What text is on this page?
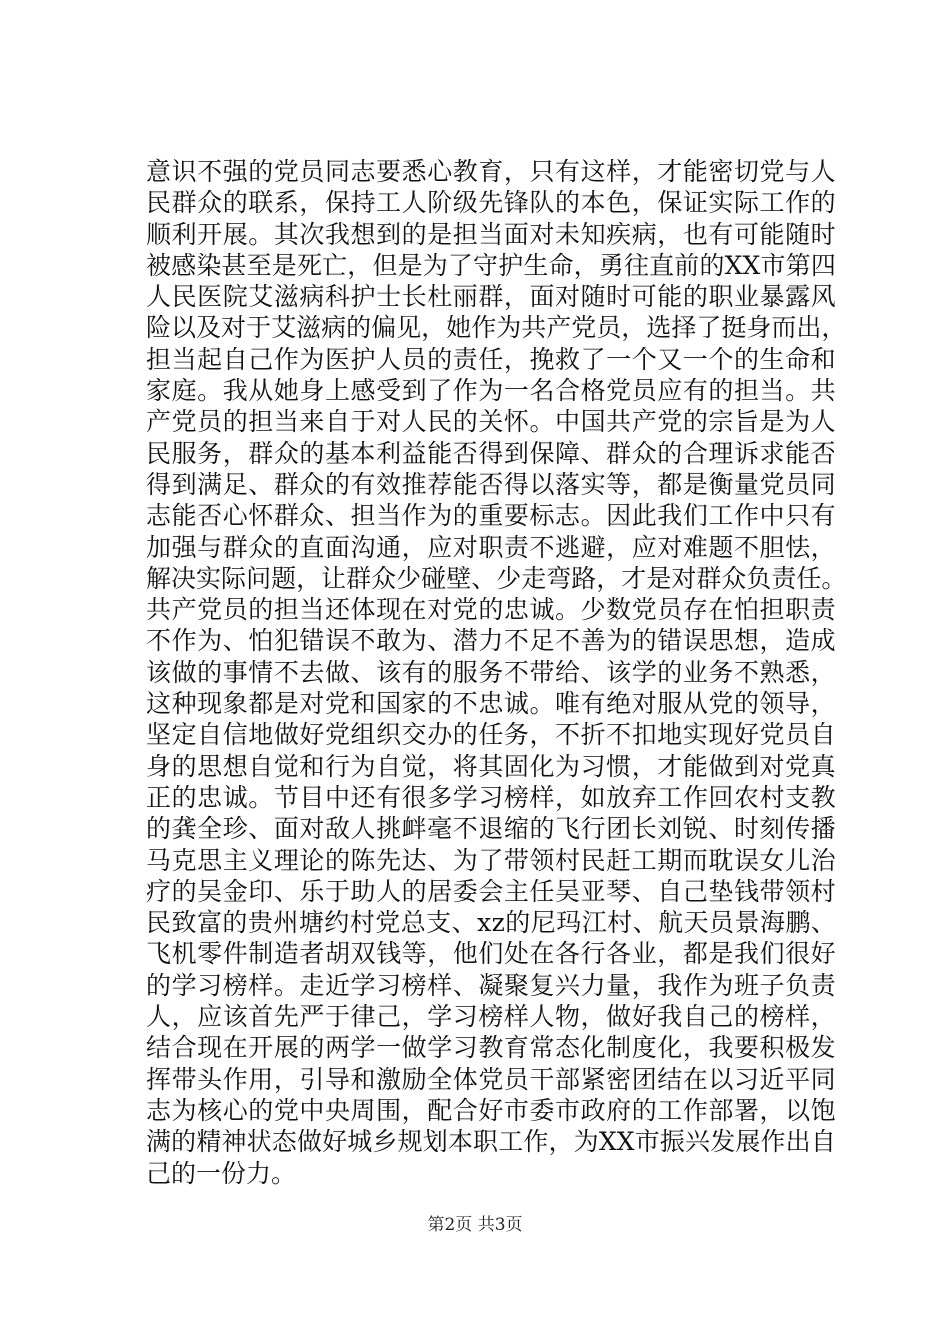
意 识 不 强 的 党 员 同 志 要 悉 心 教 育 ， 只 有 这 样 ， 才 能 密 切 党 与 人
民 群 众 的 联 系 ， 保 持 工 人 阶 级 先 锋 队 的 本 色 ， 保 证 实 际 工 作 的
顺 利 开 展 。 其 次 我 想 到 的 是 担 当 面 对 未 知 疾 病 ， 也 有 可 能 随 时
被 感 染 甚 至 是 死 亡 ， 但 是 为 了 守 护 生 命 ， 勇 往 直 前 的 X X 市 第 四
人 民 医 院 艾 滋 病 科 护 士 长 杜 丽 群 ， 面 对 随 时 可 能 的 职 业 暴 露 风
险 以 及 对 于 艾 滋 病 的 偏 见 ， 她 作 为 共 产 党 员 ， 选 择 了 挺 身 而 出 ，
担 当 起 自 己 作 为 医 护 人 员 的 责 任 ， 挽 救 了 一 个 又 一 个 的 生 命 和
家 庭 。 我 从 她 身 上 感 受 到 了 作 为 一 名 合 格 党 员 应 有 的 担 当 。 共
产 党 员 的 担 当 来 自 于 对 人 民 的 关 怀 。 中 国 共 产 党 的 宗 旨 是 为 人
民 服 务 ， 群 众 的 基 本 利 益 能 否 得 到 保 障 、 群 众 的 合 理 诉 求 能 否
得 到 满 足 、 群 众 的 有 效 推 荐 能 否 得 以 落 实 等 ， 都 是 衡 量 党 员 同
志 能 否 心 怀 群 众 、 担 当 作 为 的 重 要 标 志 。 因 此 我 们 工 作 中 只 有
加 强 与 群 众 的 直 面 沟 通 ， 应 对 职 责 不 逃 避 ， 应 对 难 题 不 胆 怯 ，
解 决 实 际 问 题 ， 让 群 众 少 碰 壁 、 少 走 弯 路 ， 才 是 对 群 众 负 责 任 。
共 产 党 员 的 担 当 还 体 现 在 对 党 的 忠 诚 。 少 数 党 员 存 在 怕 担 职 责
不 作 为 、 怕 犯 错 误 不 敢 为 、 潜 力 不 足 不 善 为 的 错 误 思 想 ， 造 成
该 做 的 事 情 不 去 做 、 该 有 的 服 务 不 带 给 、 该 学 的 业 务 不 熟 悉 ，
这 种 现 象 都 是 对 党 和 国 家 的 不 忠 诚 。 唯 有 绝 对 服 从 党 的 领 导 ，
坚 定 自 信 地 做 好 党 组 织 交 办 的 任 务 ， 不 折 不 扣 地 实 现 好 党 员 自
身 的 思 想 自 觉 和 行 为 自 觉 ， 将 其 固 化 为 习 惯 ， 才 能 做 到 对 党 真
正 的 忠 诚 。 节 目 中 还 有 很 多 学 习 榜 样 ， 如 放 弃 工 作 回 农 村 支 教
的 龚 全 珍 、 面 对 敌 人 挑 衅 毫 不 退 缩 的 飞 行 团 长 刘 锐 、 时 刻 传 播
马 克 思 主 义 理 论 的 陈 先 达 、 为 了 带 领 村 民 赶 工 期 而 耽 误 女 儿 治
疗 的 吴 金 印 、 乐 于 助 人 的 居 委 会 主 任 吴 亚 琴 、 自 己 垫 钱 带 领 村
民 致 富 的 贵 州 塘 约 村 党 总 支 、 x z 的 尼 玛 江 村 、 航 天 员 景 海 鹏 、
飞 机 零 件 制 造 者 胡 双 钱 等 ， 他 们 处 在 各 行 各 业 ， 都 是 我 们 很 好
的 学 习 榜 样 。 走 近 学 习 榜 样 、 凝 聚 复 兴 力 量 ， 我 作 为 班 子 负 责
人 ， 应 该 首 先 严 于 律 己 ， 学 习 榜 样 人 物 ， 做 好 我 自 己 的 榜 样 ，
结 合 现 在 开 展 的 两 学 一 做 学 习 教 育 常 态 化 制 度 化 ， 我 要 积 极 发
挥 带 头 作 用 ， 引 导 和 激 励 全 体 党 员 干 部 紧 密 团 结 在 以 习 近 平 同
志 为 核 心 的 党 中 央 周 围 ， 配 合 好 市 委 市 政 府 的 工 作 部 署 ， 以 饱
满 的 精 神 状 态 做 好 城 乡 规 划 本 职 工 作 ， 为 X X 市 振 兴 发 展 作 出 自
己的一份力。
第2页 共3页
